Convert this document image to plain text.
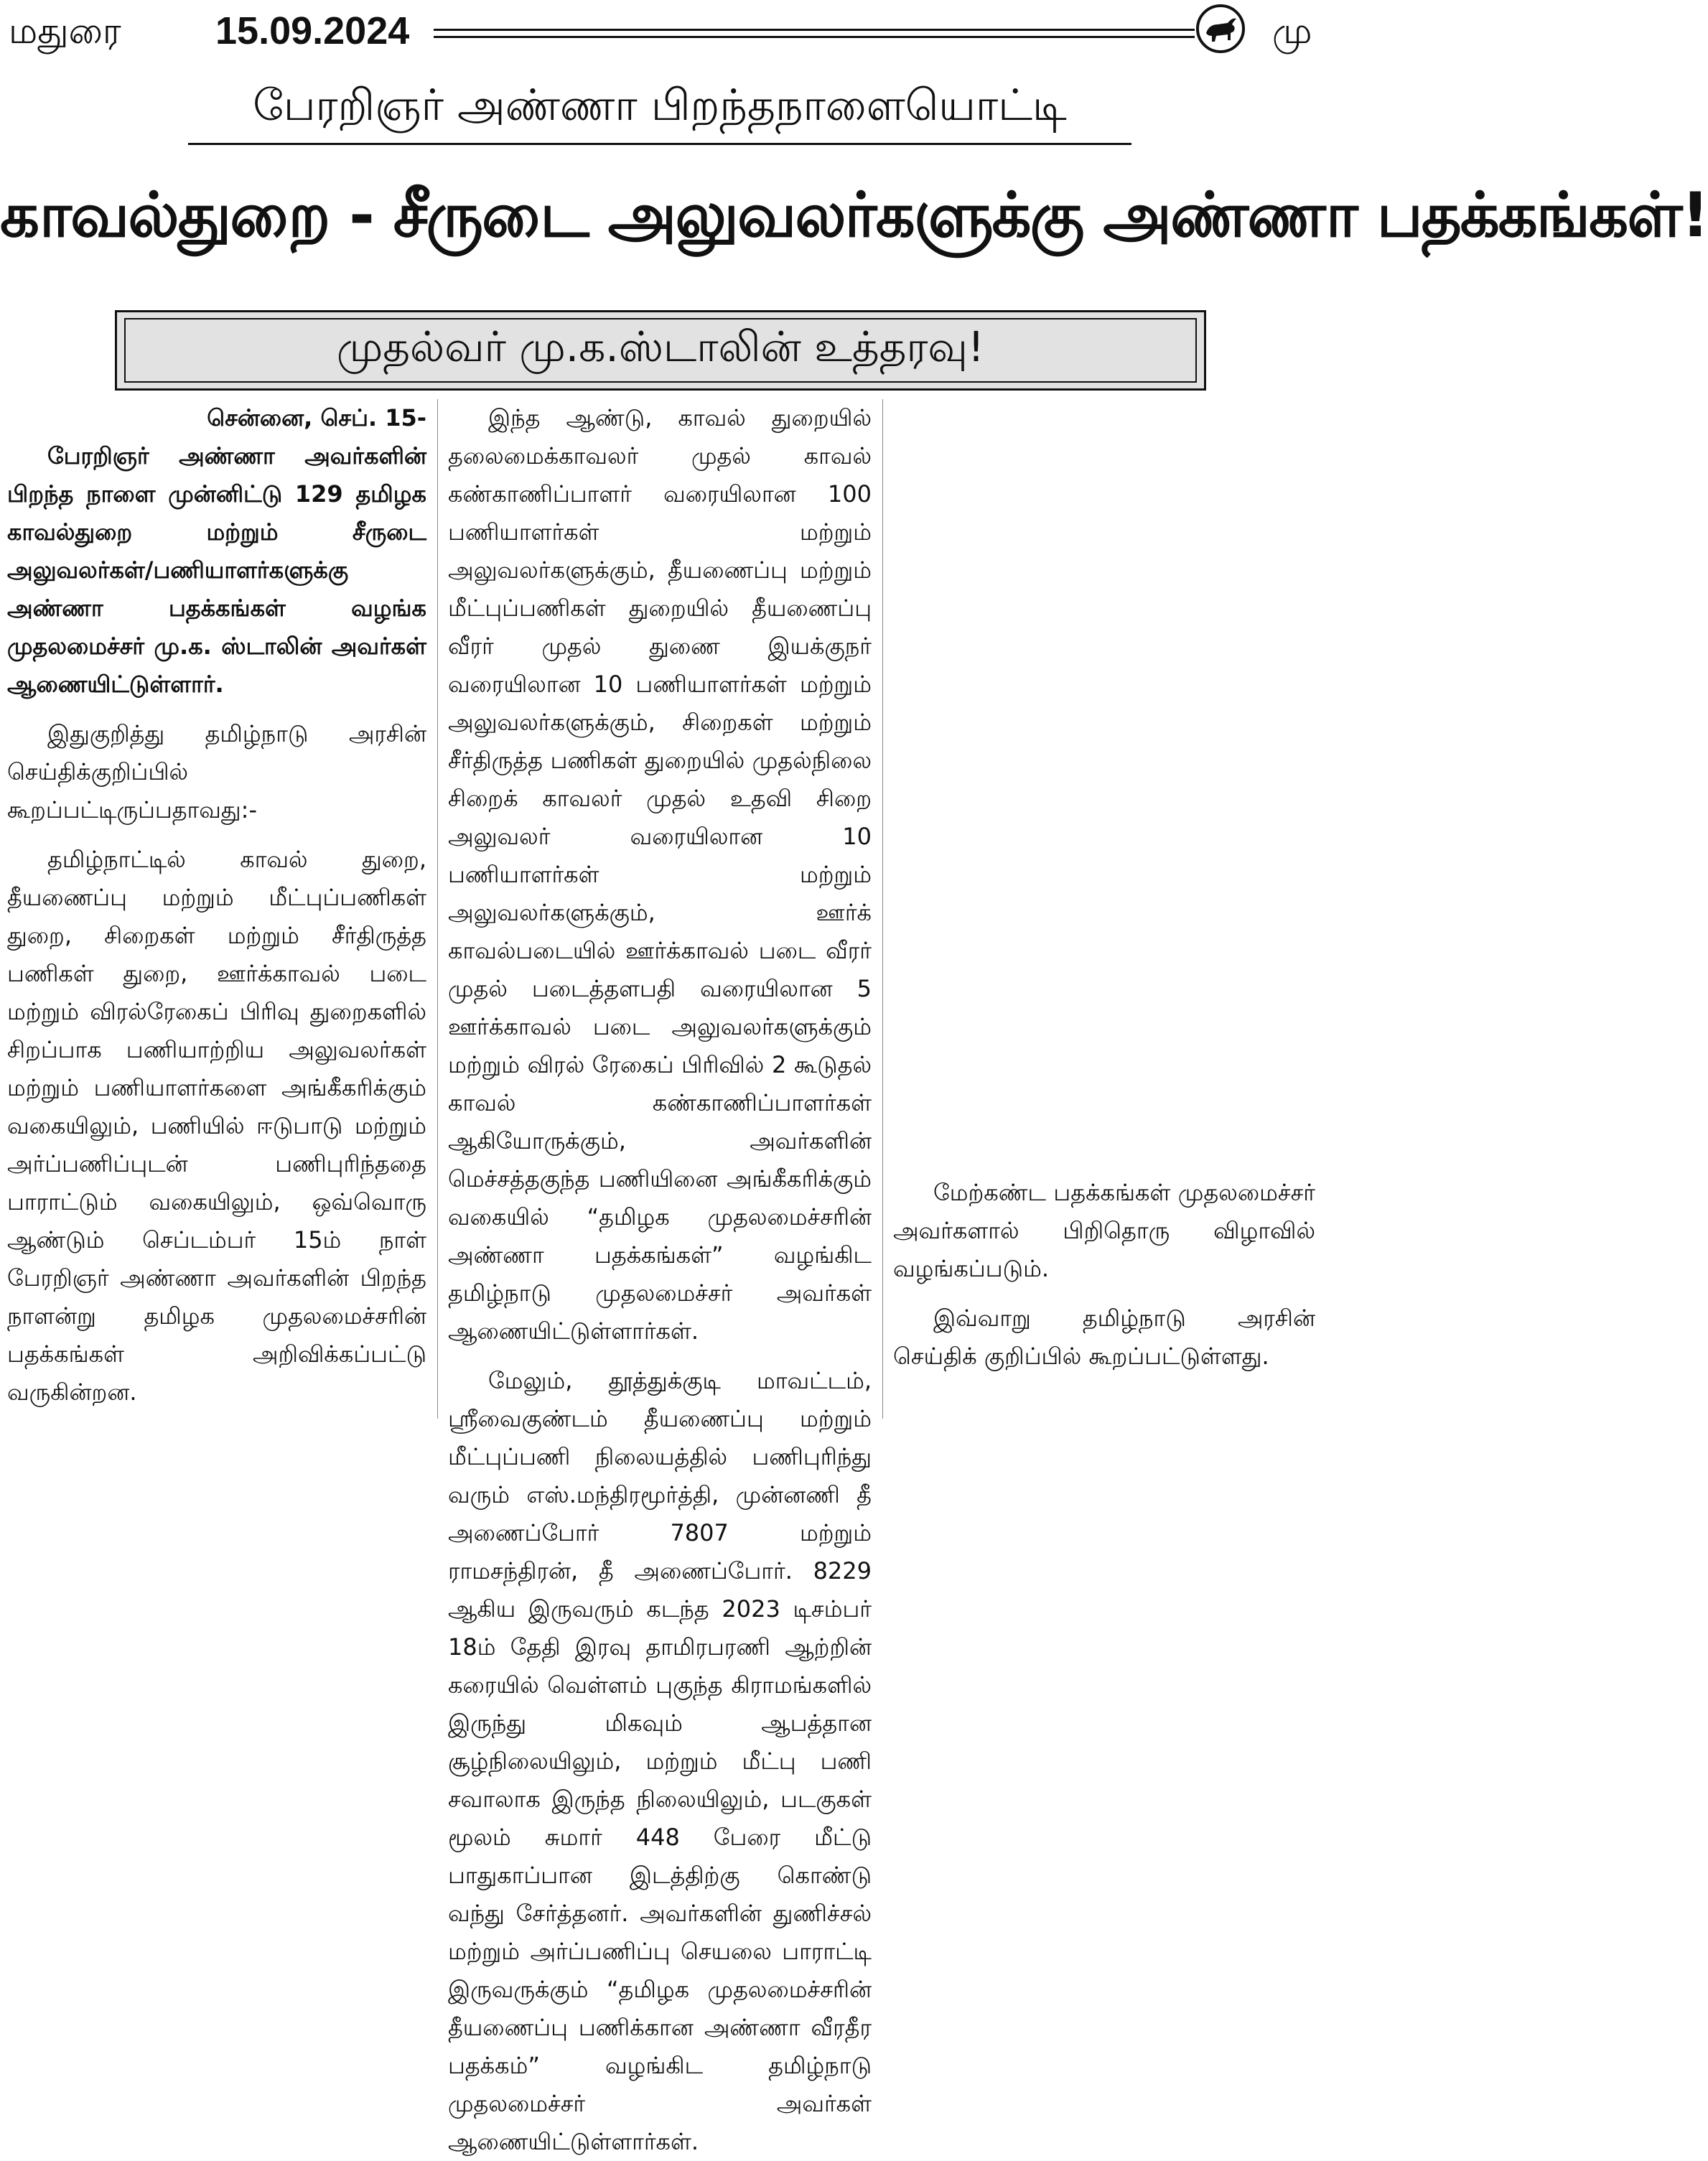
மதுரை 15.09.2024	மு
பேரறிஞர் அண்ணா பிறந்தநாளையொட்டி
காவல்துறை - சீருடை அலுவலர்களுக்கு அண்ணா பதக்கங்கள்!
முதல்வர் மு.க.ஸ்டாலின் உத்தரவு!

சென்னை, செப். 15-

பேரறிஞர் அண்ணா அவர்களின் பிறந்த நாளை முன்னிட்டு 129 தமிழக காவல்துறை மற்றும் சீருடை அலுவலர்கள்/பணியாளர்களுக்கு அண்ணா பதக்கங்கள் வழங்க முதலமைச்சர் மு.க. ஸ்டாலின் அவர்கள் ஆணையிட்டுள்ளார்.

இதுகுறித்து தமிழ்நாடு அரசின் செய்திக்குறிப்பில் கூறப்பட்டிருப்பதாவது:-

தமிழ்நாட்டில் காவல் துறை, தீயணைப்பு மற்றும் மீட்புப்பணிகள் துறை, சிறைகள் மற்றும் சீர்திருத்த பணிகள் துறை, ஊர்க்காவல் படை மற்றும் விரல்ரேகைப் பிரிவு துறைகளில் சிறப்பாக பணியாற்றிய அலுவலர்கள் மற்றும் பணியாளர்களை அங்கீகரிக்கும் வகையிலும், பணியில் ஈடுபாடு மற்றும் அர்ப்பணிப்புடன் பணிபுரிந்ததை பாராட்டும் வகையிலும், ஒவ்வொரு ஆண்டும் செப்டம்பர் 15ம் நாள் பேரறிஞர் அண்ணா அவர்களின் பிறந்த நாளன்று தமிழக முதலமைச்சரின் பதக்கங்கள் அறிவிக்கப்பட்டு வருகின்றன.

இந்த ஆண்டு, காவல் துறையில் தலைமைக்காவலர் முதல் காவல் கண்காணிப்பாளர் வரையிலான 100 பணியாளர்கள் மற்றும் அலுவலர்களுக்கும், தீயணைப்பு மற்றும் மீட்புப்பணிகள் துறையில் தீயணைப்பு வீரர் முதல் துணை இயக்குநர் வரையிலான 10 பணியாளர்கள் மற்றும் அலுவலர்களுக்கும், சிறைகள் மற்றும் சீர்திருத்த பணிகள் துறையில் முதல்நிலை சிறைக் காவலர் முதல் உதவி சிறை அலுவலர் வரையிலான 10 பணியாளர்கள் மற்றும் அலுவலர்களுக்கும், ஊர்க் காவல்படையில் ஊர்க்காவல் படை வீரர் முதல் படைத்தளபதி வரையிலான 5 ஊர்க்காவல் படை அலுவலர்களுக்கும் மற்றும் விரல் ரேகைப் பிரிவில் 2 கூடுதல் காவல் கண்காணிப்பாளர்கள் ஆகியோருக்கும், அவர்களின் மெச்சத்தகுந்த பணியினை அங்கீகரிக்கும் வகையில் “தமிழக முதலமைச்சரின் அண்ணா பதக்கங்கள்” வழங்கிட தமிழ்நாடு முதலமைச்சர் அவர்கள் ஆணையிட்டுள்ளார்கள்.

மேலும், தூத்துக்குடி மாவட்டம், ஸ்ரீவைகுண்டம் தீயணைப்பு மற்றும் மீட்புப்பணி நிலையத்தில் பணிபுரிந்து வரும் எஸ்.மந்திரமூர்த்தி, முன்னணி தீ அணைப்போர் 7807 மற்றும் ராமசந்திரன், தீ அணைப்போர். 8229 ஆகிய இருவரும் கடந்த 2023 டிசம்பர் 18ம் தேதி இரவு தாமிரபரணி ஆற்றின் கரையில் வெள்ளம் புகுந்த கிராமங்களில் இருந்து மிகவும் ஆபத்தான சூழ்நிலையிலும், மற்றும் மீட்பு பணி சவாலாக இருந்த நிலையிலும், படகுகள் மூலம் சுமார் 448 பேரை மீட்டு பாதுகாப்பான இடத்திற்கு கொண்டு வந்து சேர்த்தனர். அவர்களின் துணிச்சல் மற்றும் அர்ப்பணிப்பு செயலை பாராட்டி இருவருக்கும் “தமிழக முதலமைச்சரின் தீயணைப்பு பணிக்கான அண்ணா வீரதீர பதக்கம்” வழங்கிட தமிழ்நாடு முதலமைச்சர் அவர்கள் ஆணையிட்டுள்ளார்கள்.

மேற்கண்ட பதக்கங்கள் முதலமைச்சர் அவர்களால் பிறிதொரு விழாவில் வழங்கப்படும்.

இவ்வாறு தமிழ்நாடு அரசின் செய்திக் குறிப்பில் கூறப்பட்டுள்ளது.
